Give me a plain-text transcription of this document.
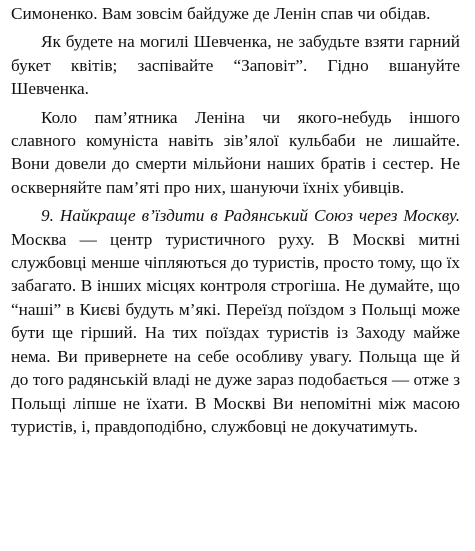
Симоненко. Вам зовсім байдуже де Ленін спав чи обідав.

Як будете на могилі Шевченка, не забудьте взяти гарний букет квітів; заспівайте “Заповіт”. Гідно вшануйте Шевченка.

Коло пам’ятника Леніна чи якого-небудь іншого славного комуніста навіть зів’ялої кульбаби не лишайте. Вони довели до смерти мільйони наших братів і сестер. Не оскверняйте пам’яті про них, шануючи їхніх убивців.

9. Найкраще в’їздити в Радянський Союз через Москву. Москва — центр туристичного руху. В Москві митні службовці менше чіпляються до туристів, просто тому, що їх забагато. В інших місцях контроля строгіша. Не думайте, що “наші” в Києві будуть м’які. Переїзд поїздом з Польщі може бути ще гірший. На тих поїздах туристів із Заходу майже нема. Ви привернете на себе особливу увагу. Польща ще й до того радянській владі не дуже зараз подобається — отже з Польщі ліпше не їхати. В Москві Ви непомітні між масою туристів, і, правдоподібно, службовці не докучатимуть.
